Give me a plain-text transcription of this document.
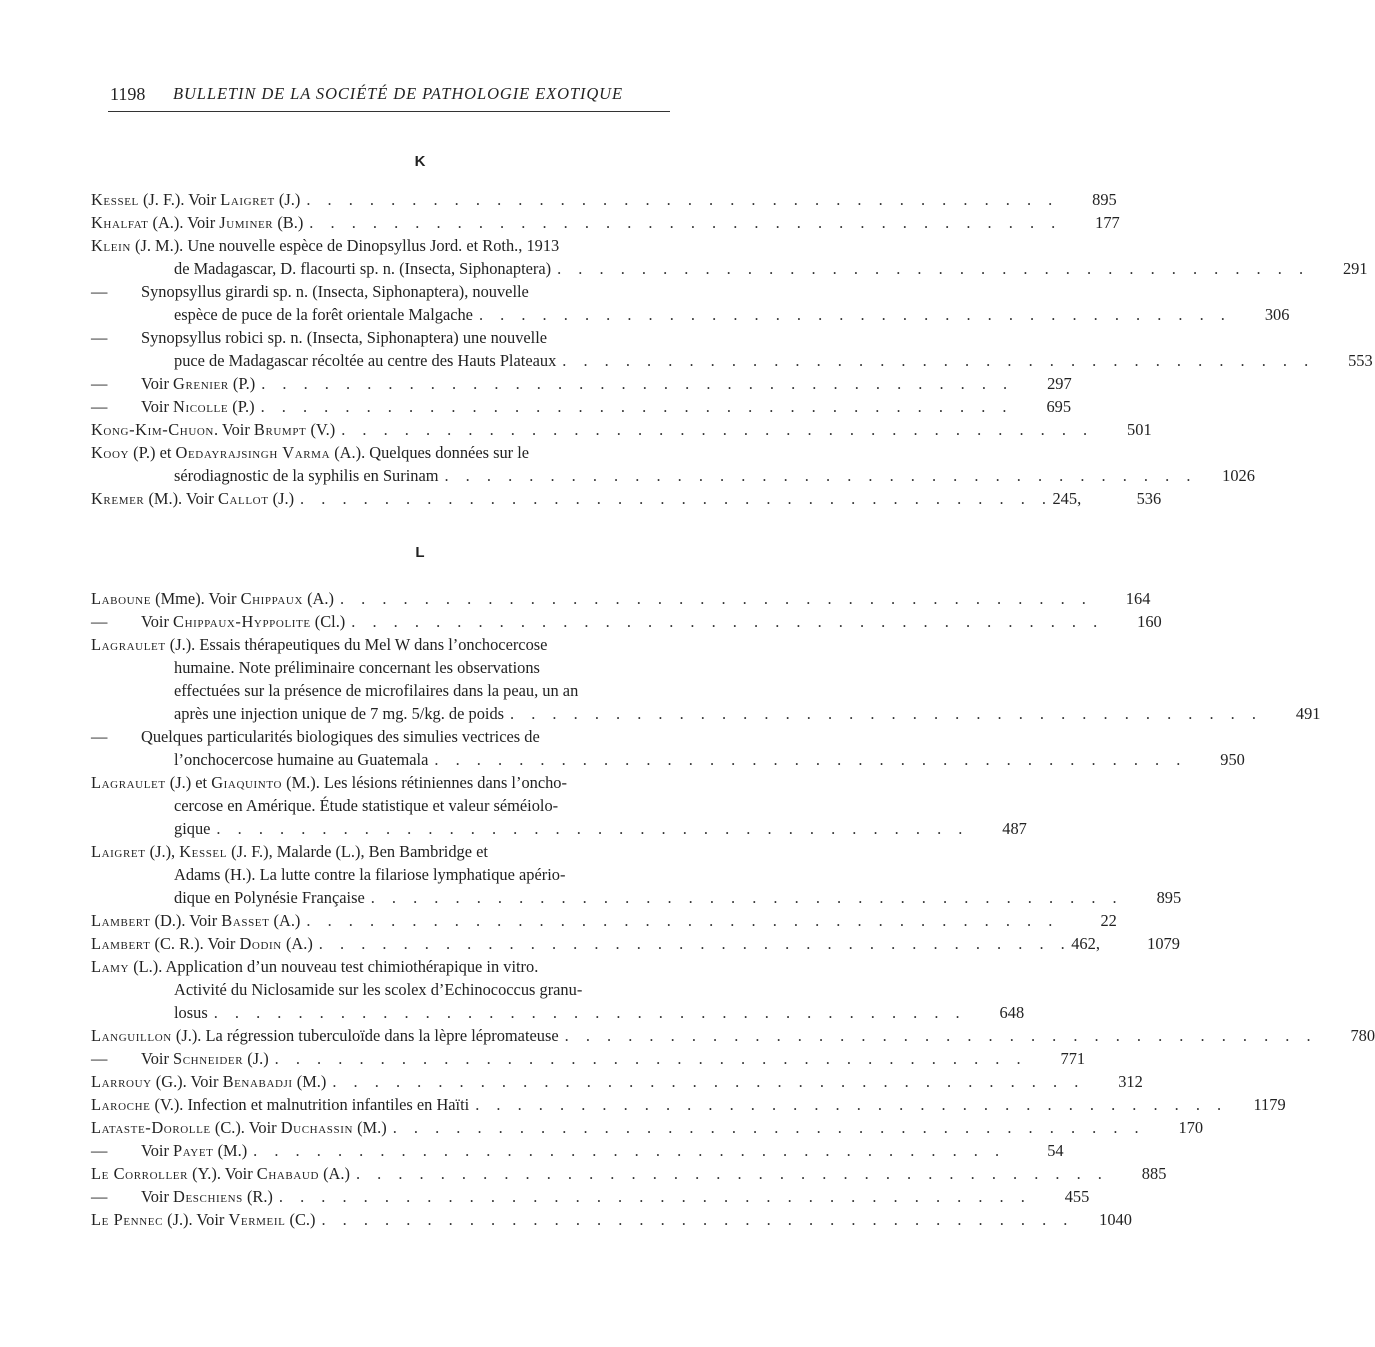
1198 BULLETIN DE LA SOCIÉTÉ DE PATHOLOGIE EXOTIQUE
K
L
Kessel (J. F.). Voir Laigret (J.) . . . . . . . . . . . . . . . . . . . . . . . . . . . . . . . . . . . .	895
Khalfat (A.). Voir Juminer (B.) . . . . . . . . . . . . . . . . . . . . . . . . . . . . . . . . . . . .	177
Klein (J. M.). Une nouvelle espèce de Dinopsyllus Jord. et Roth., 1913
de Madagascar, D. flacourti sp. n. (Insecta, Siphonaptera) . . . . . . . . . . . . . . . . . . . . . . . . . . . . . . . . . . . .	291
— Synopsyllus girardi sp. n. (Insecta, Siphonaptera), nouvelle
espèce de puce de la forêt orientale Malgache . . . . . . . . . . . . . . . . . . . . . . . . . . . . . . . . . . . .	306
— Synopsyllus robici sp. n. (Insecta, Siphonaptera) une nouvelle
puce de Madagascar récoltée au centre des Hauts Plateaux . . . . . . . . . . . . . . . . . . . . . . . . . . . . . . . . . . . .	553
— Voir Grenier (P.) . . . . . . . . . . . . . . . . . . . . . . . . . . . . . . . . . . . .	297
— Voir Nicolle (P.) . . . . . . . . . . . . . . . . . . . . . . . . . . . . . . . . . . . .	695
Kong-Kim-Chuon. Voir Brumpt (V.) . . . . . . . . . . . . . . . . . . . . . . . . . . . . . . . . . . . .	501
Kooy (P.) et Oedayrajsingh Varma (A.). Quelques données sur le
sérodiagnostic de la syphilis en Surinam . . . . . . . . . . . . . . . . . . . . . . . . . . . . . . . . . . . .	1026
Kremer (M.). Voir Callot (J.) . . . . . . . . . . . . . . . . . . . . . . . . . . . . . . . . . . . . 245,	536
Laboune (Mme). Voir Chippaux (A.) . . . . . . . . . . . . . . . . . . . . . . . . . . . . . . . . . . . .	164
— Voir Chippaux-Hyppolite (Cl.) . . . . . . . . . . . . . . . . . . . . . . . . . . . . . . . . . . . .	160
Lagraulet (J.). Essais thérapeutiques du Mel W dans l’onchocercose
humaine. Note préliminaire concernant les observations
effectuées sur la présence de microfilaires dans la peau, un an
après une injection unique de 7 mg. 5/kg. de poids . . . . . . . . . . . . . . . . . . . . . . . . . . . . . . . . . . . .	491
— Quelques particularités biologiques des simulies vectrices de
l’onchocercose humaine au Guatemala . . . . . . . . . . . . . . . . . . . . . . . . . . . . . . . . . . . .	950
Lagraulet (J.) et Giaquinto (M.). Les lésions rétiniennes dans l’oncho-
cercose en Amérique. Étude statistique et valeur séméiolo-
gique . . . . . . . . . . . . . . . . . . . . . . . . . . . . . . . . . . . .	487
Laigret (J.), Kessel (J. F.), Malarde (L.), Ben Bambridge et
Adams (H.). La lutte contre la filariose lymphatique apério-
dique en Polynésie Française . . . . . . . . . . . . . . . . . . . . . . . . . . . . . . . . . . . .	895
Lambert (D.). Voir Basset (A.) . . . . . . . . . . . . . . . . . . . . . . . . . . . . . . . . . . . .	22
Lambert (C. R.). Voir Dodin (A.) . . . . . . . . . . . . . . . . . . . . . . . . . . . . . . . . . . . . 462,	1079
Lamy (L.). Application d’un nouveau test chimiothérapique in vitro.
Activité du Niclosamide sur les scolex d’Echinococcus granu-
losus . . . . . . . . . . . . . . . . . . . . . . . . . . . . . . . . . . . .	648
Languillon (J.). La régression tuberculoïde dans la lèpre lépromateuse . . . . . . . . . . . . . . . . . . . . . . . . . . . . . . . . . . . .	780
— Voir Schneider (J.) . . . . . . . . . . . . . . . . . . . . . . . . . . . . . . . . . . . .	771
Larrouy (G.). Voir Benabadji (M.) . . . . . . . . . . . . . . . . . . . . . . . . . . . . . . . . . . . .	312
Laroche (V.). Infection et malnutrition infantiles en Haïti . . . . . . . . . . . . . . . . . . . . . . . . . . . . . . . . . . . .	1179
Lataste-Dorolle (C.). Voir Duchassin (M.) . . . . . . . . . . . . . . . . . . . . . . . . . . . . . . . . . . . .	170
— Voir Payet (M.) . . . . . . . . . . . . . . . . . . . . . . . . . . . . . . . . . . . .	54
Le Corroller (Y.). Voir Chabaud (A.) . . . . . . . . . . . . . . . . . . . . . . . . . . . . . . . . . . . .	885
— Voir Deschiens (R.) . . . . . . . . . . . . . . . . . . . . . . . . . . . . . . . . . . . .	455
Le Pennec (J.). Voir Vermeil (C.) . . . . . . . . . . . . . . . . . . . . . . . . . . . . . . . . . . . .	1040
